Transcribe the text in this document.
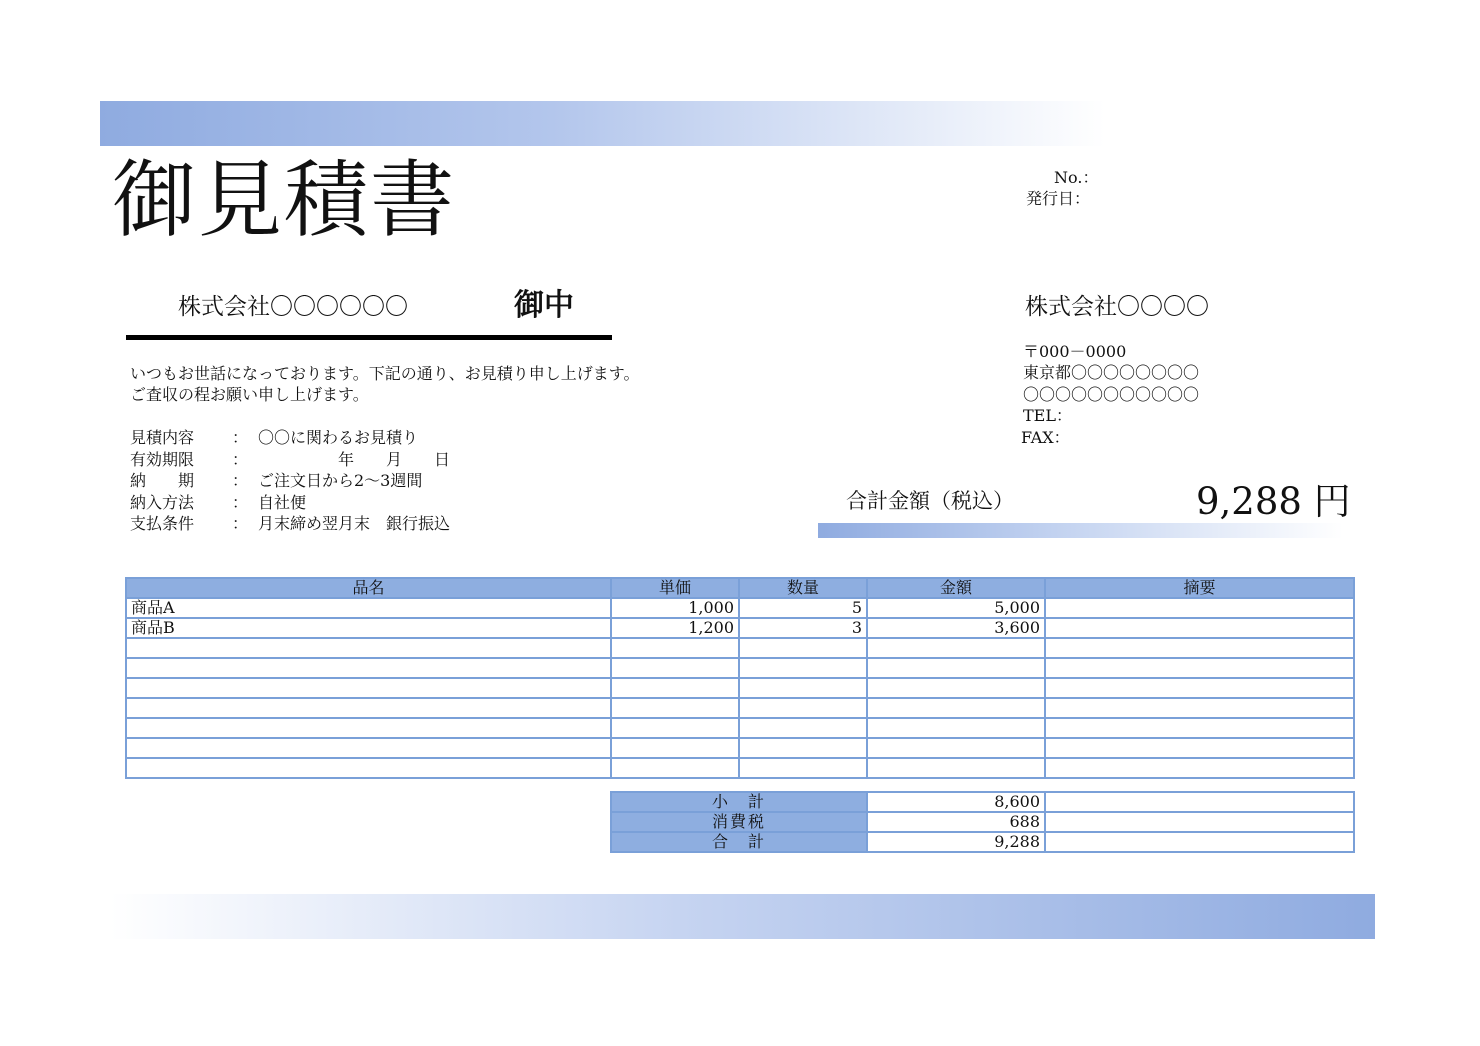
御見積書	No.：
発行日：
株式会社〇〇〇〇〇〇	御中	株式会社〇〇〇〇
〒000－0000
東京都〇〇〇〇〇〇〇〇
〇〇〇〇〇〇〇〇〇〇〇
TEL：
FAX：
いつもお世話になっております。下記の通り、お見積り申し上げます。
ご査収の程お願い申し上げます。
見積内容 ： 〇〇に関わるお見積り
有効期限 ： 　　　　　年　　月　　日
納　　期 ： ご注文日から2～3週間
納入方法 ： 自社便
支払条件 ： 月末締め翌月末　銀行振込
合計金額（税込）	9,288 円
品名	単価	数量	金額	摘要
商品A	1,000	5	5,000	
商品B	1,200	3	3,600	

小　計	8,600	
消費税	688	
合　計	9,288	
